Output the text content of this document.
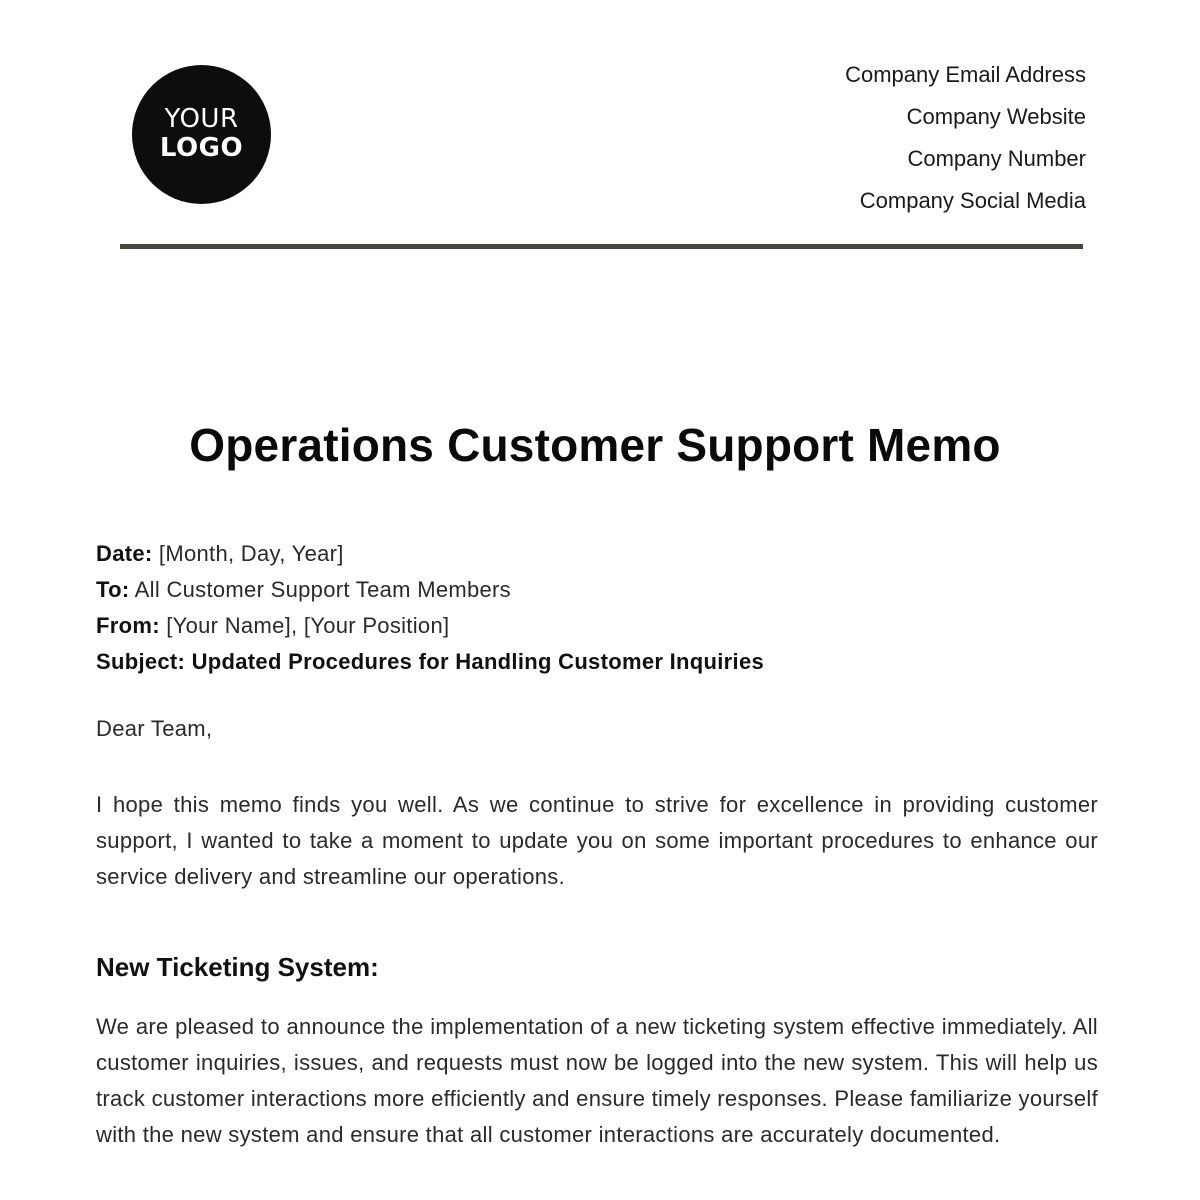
YOUR
LOGO
Company Email Address
Company Website
Company Number
Company Social Media
Operations Customer Support Memo
Date: [Month, Day, Year]
To: All Customer Support Team Members
From: [Your Name], [Your Position]
Subject: Updated Procedures for Handling Customer Inquiries
Dear Team,
I hope this memo finds you well. As we continue to strive for excellence in providing customer support, I wanted to take a moment to update you on some important procedures to enhance our service delivery and streamline our operations.
New Ticketing System:
We are pleased to announce the implementation of a new ticketing system effective immediately. All customer inquiries, issues, and requests must now be logged into the new system. This will help us track customer interactions more efficiently and ensure timely responses. Please familiarize yourself with the new system and ensure that all customer interactions are accurately documented.
